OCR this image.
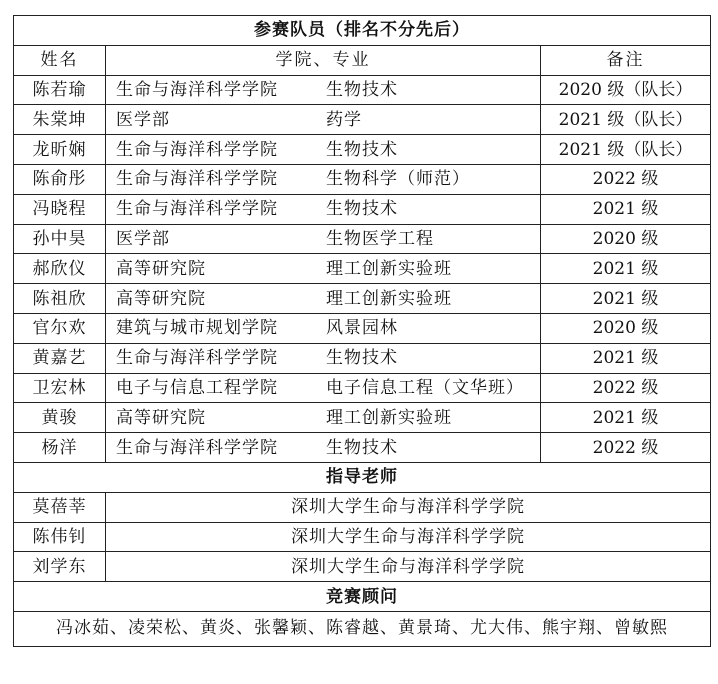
参赛队员（排名不分先后）		
姓名	学院、专业	备注
陈若瑜	生命与海洋科学学院 生物技术	2020 级（队长）
朱棠坤	医学部 药学	2021 级（队长）
龙昕娴	生命与海洋科学学院 生物技术	2021 级（队长）
陈俞彤	生命与海洋科学学院 生物科学（师范）	2022 级
冯晓程	生命与海洋科学学院 生物技术	2021 级
孙中昊	医学部 生物医学工程	2020 级
郝欣仪	高等研究院 理工创新实验班	2021 级
陈祖欣	高等研究院 理工创新实验班	2021 级
官尔欢	建筑与城市规划学院 风景园林	2020 级
黄嘉艺	生命与海洋科学学院 生物技术	2021 级
卫宏林	电子与信息工程学院 电子信息工程（文华班）	2022 级
黄骏	高等研究院 理工创新实验班	2021 级
杨洋	生命与海洋科学学院 生物技术	2022 级
指导老师		
莫蓓莘	深圳大学生命与海洋科学学院	
陈伟钊	深圳大学生命与海洋科学学院	
刘学东	深圳大学生命与海洋科学学院	
竞赛顾问		
冯冰茹、凌荣松、黄炎、张馨颖、陈睿越、黄景琦、尤大伟、熊宇翔、曾敏熙		
